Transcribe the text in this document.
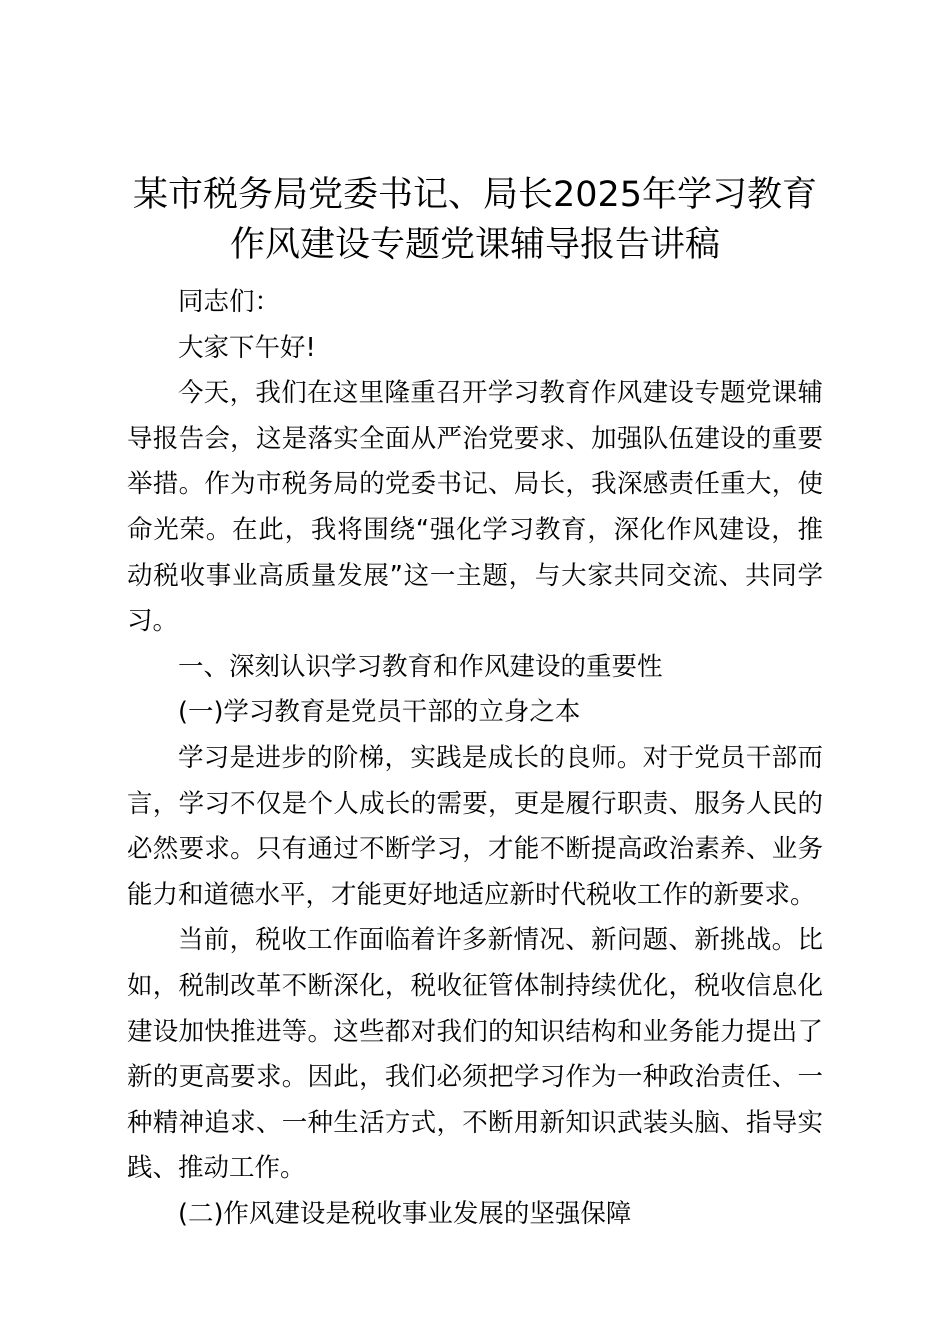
某市税务局党委书记、局长2025年学习教育
作风建设专题党课辅导报告讲稿

同志们：

大家下午好!

今天，我们在这里隆重召开学习教育作风建设专题党课辅导报告会，这是落实全面从严治党要求、加强队伍建设的重要举措。作为市税务局的党委书记、局长，我深感责任重大，使命光荣。在此，我将围绕“强化学习教育，深化作风建设，推动税收事业高质量发展”这一主题，与大家共同交流、共同学习。

一、深刻认识学习教育和作风建设的重要性

(一)学习教育是党员干部的立身之本

学习是进步的阶梯，实践是成长的良师。对于党员干部而言，学习不仅是个人成长的需要，更是履行职责、服务人民的必然要求。只有通过不断学习，才能不断提高政治素养、业务能力和道德水平，才能更好地适应新时代税收工作的新要求。

当前，税收工作面临着许多新情况、新问题、新挑战。比如，税制改革不断深化，税收征管体制持续优化，税收信息化建设加快推进等。这些都对我们的知识结构和业务能力提出了新的更高要求。因此，我们必须把学习作为一种政治责任、一种精神追求、一种生活方式，不断用新知识武装头脑、指导实践、推动工作。

(二)作风建设是税收事业发展的坚强保障
